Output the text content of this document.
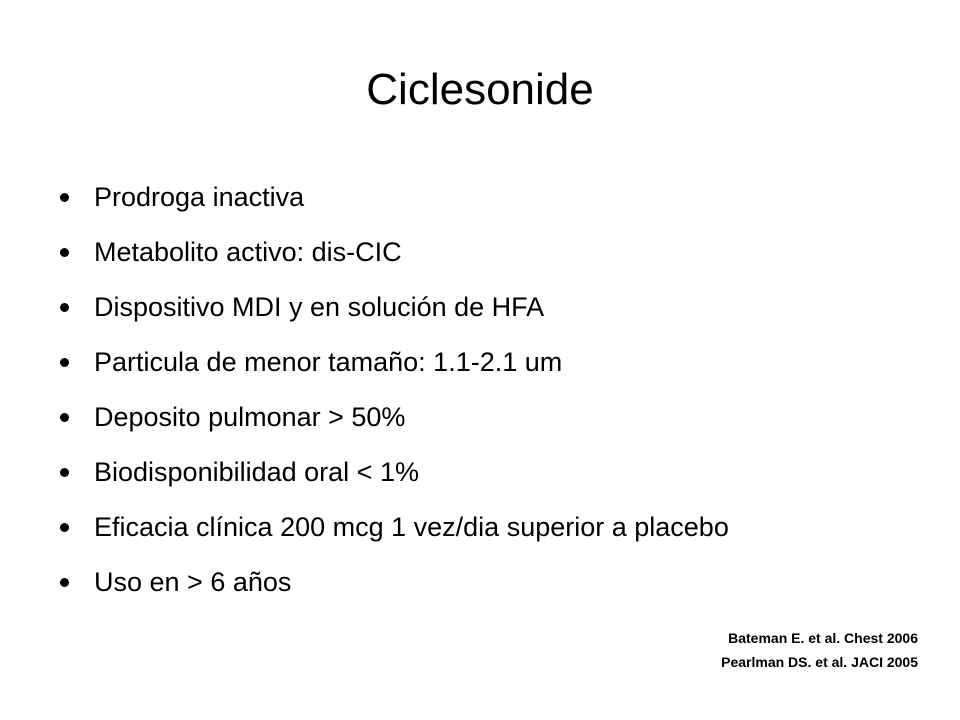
Ciclesonide
Prodroga inactiva
Metabolito activo: dis-CIC
Dispositivo MDI y en solución de HFA
Particula de menor tamaño: 1.1-2.1 um
Deposito pulmonar > 50%
Biodisponibilidad oral < 1%
Eficacia clínica 200 mcg 1 vez/dia superior a placebo
Uso en > 6 años
Bateman E. et al. Chest 2006
Pearlman DS. et al. JACI 2005
